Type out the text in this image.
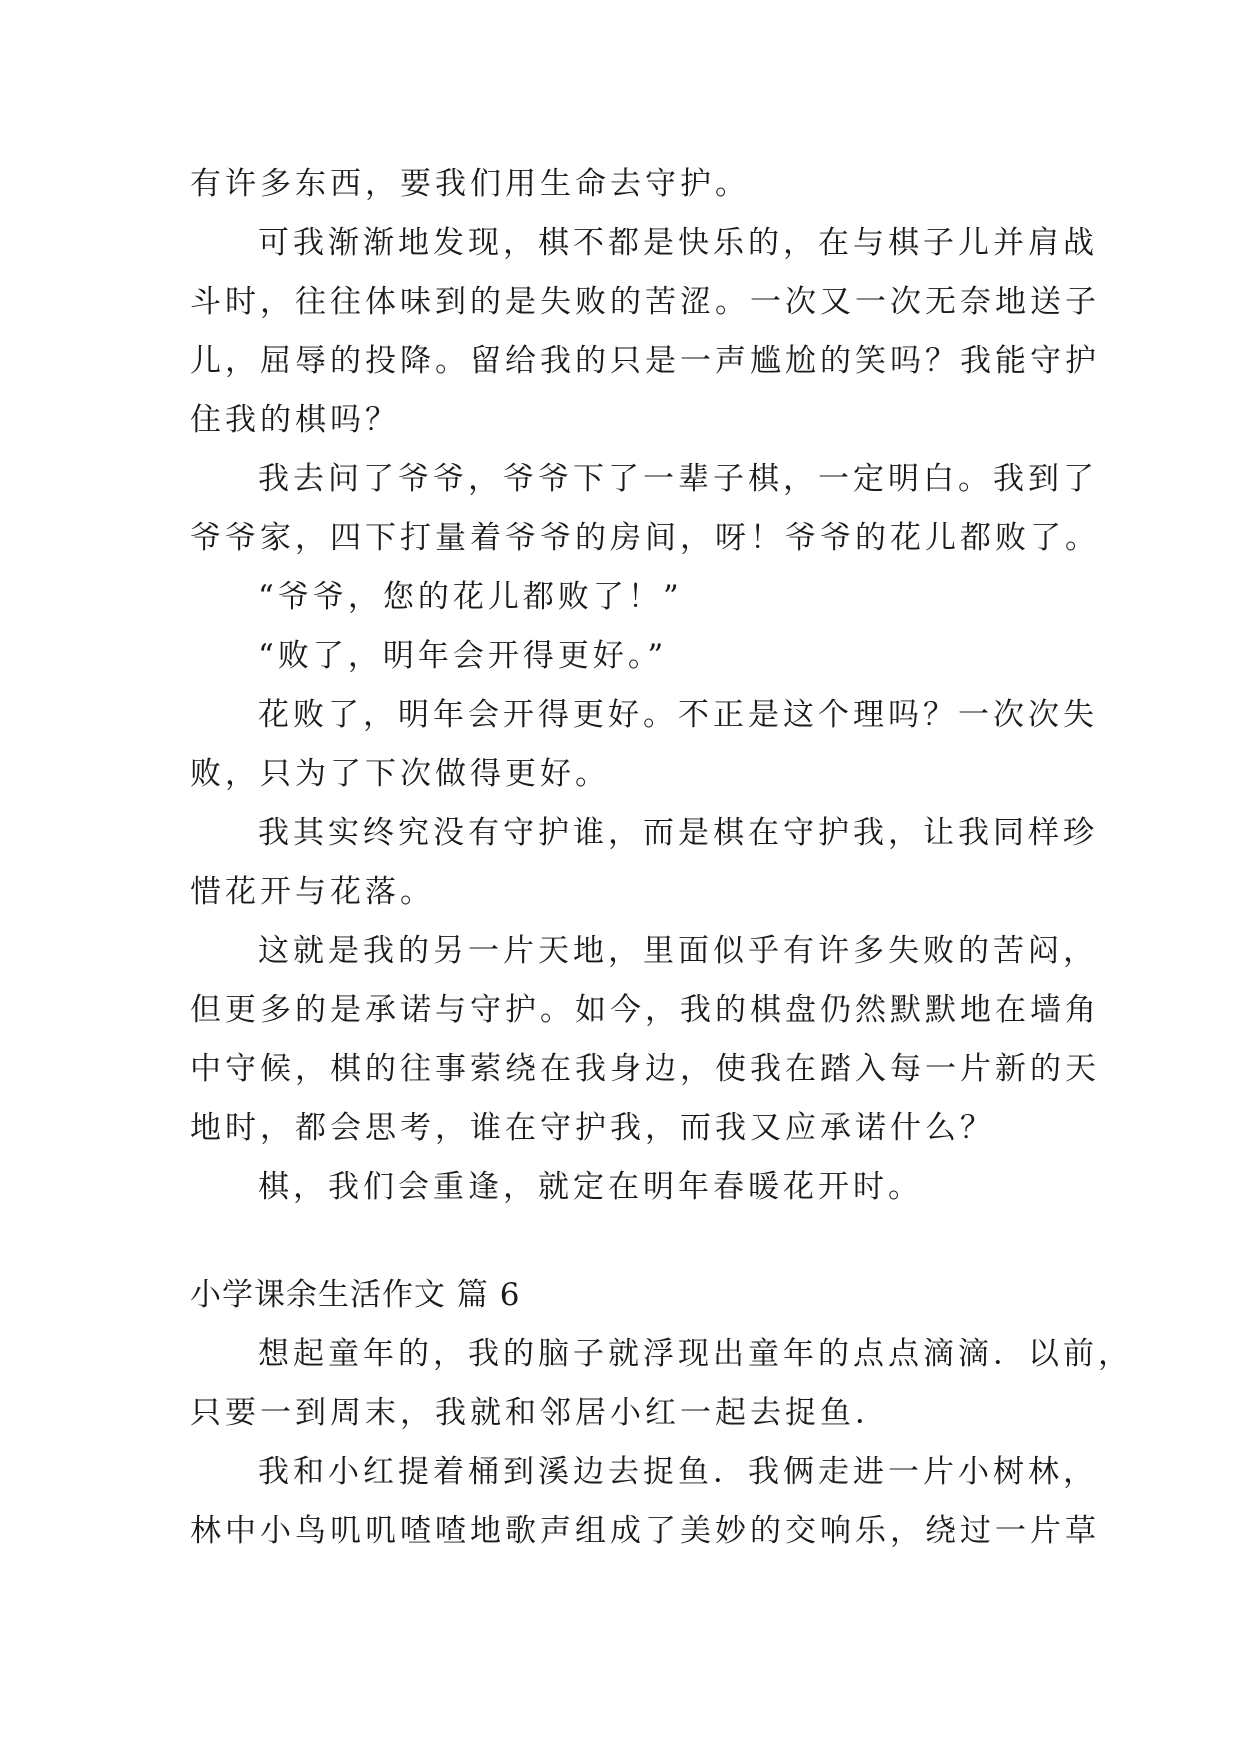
有许多东西，要我们用生命去守护。
可我渐渐地发现，棋不都是快乐的，在与棋子儿并肩战
斗时，往往体味到的是失败的苦涩。一次又一次无奈地送子
儿，屈辱的投降。留给我的只是一声尴尬的笑吗？我能守护
住我的棋吗？
我去问了爷爷，爷爷下了一辈子棋，一定明白。我到了
爷爷家，四下打量着爷爷的房间，呀！爷爷的花儿都败了。
“爷爷，您的花儿都败了！”
“败了，明年会开得更好。”
花败了，明年会开得更好。不正是这个理吗？一次次失
败，只为了下次做得更好。
我其实终究没有守护谁，而是棋在守护我，让我同样珍
惜花开与花落。
这就是我的另一片天地，里面似乎有许多失败的苦闷，
但更多的是承诺与守护。如今，我的棋盘仍然默默地在墙角
中守候，棋的往事萦绕在我身边，使我在踏入每一片新的天
地时，都会思考，谁在守护我，而我又应承诺什么？
棋，我们会重逢，就定在明年春暖花开时。
小学课余生活作文 篇 6
想起童年的，我的脑子就浮现出童年的点点滴滴．以前，
只要一到周末，我就和邻居小红一起去捉鱼．
我和小红提着桶到溪边去捉鱼．我俩走进一片小树林，
林中小鸟叽叽喳喳地歌声组成了美妙的交响乐，绕过一片草
